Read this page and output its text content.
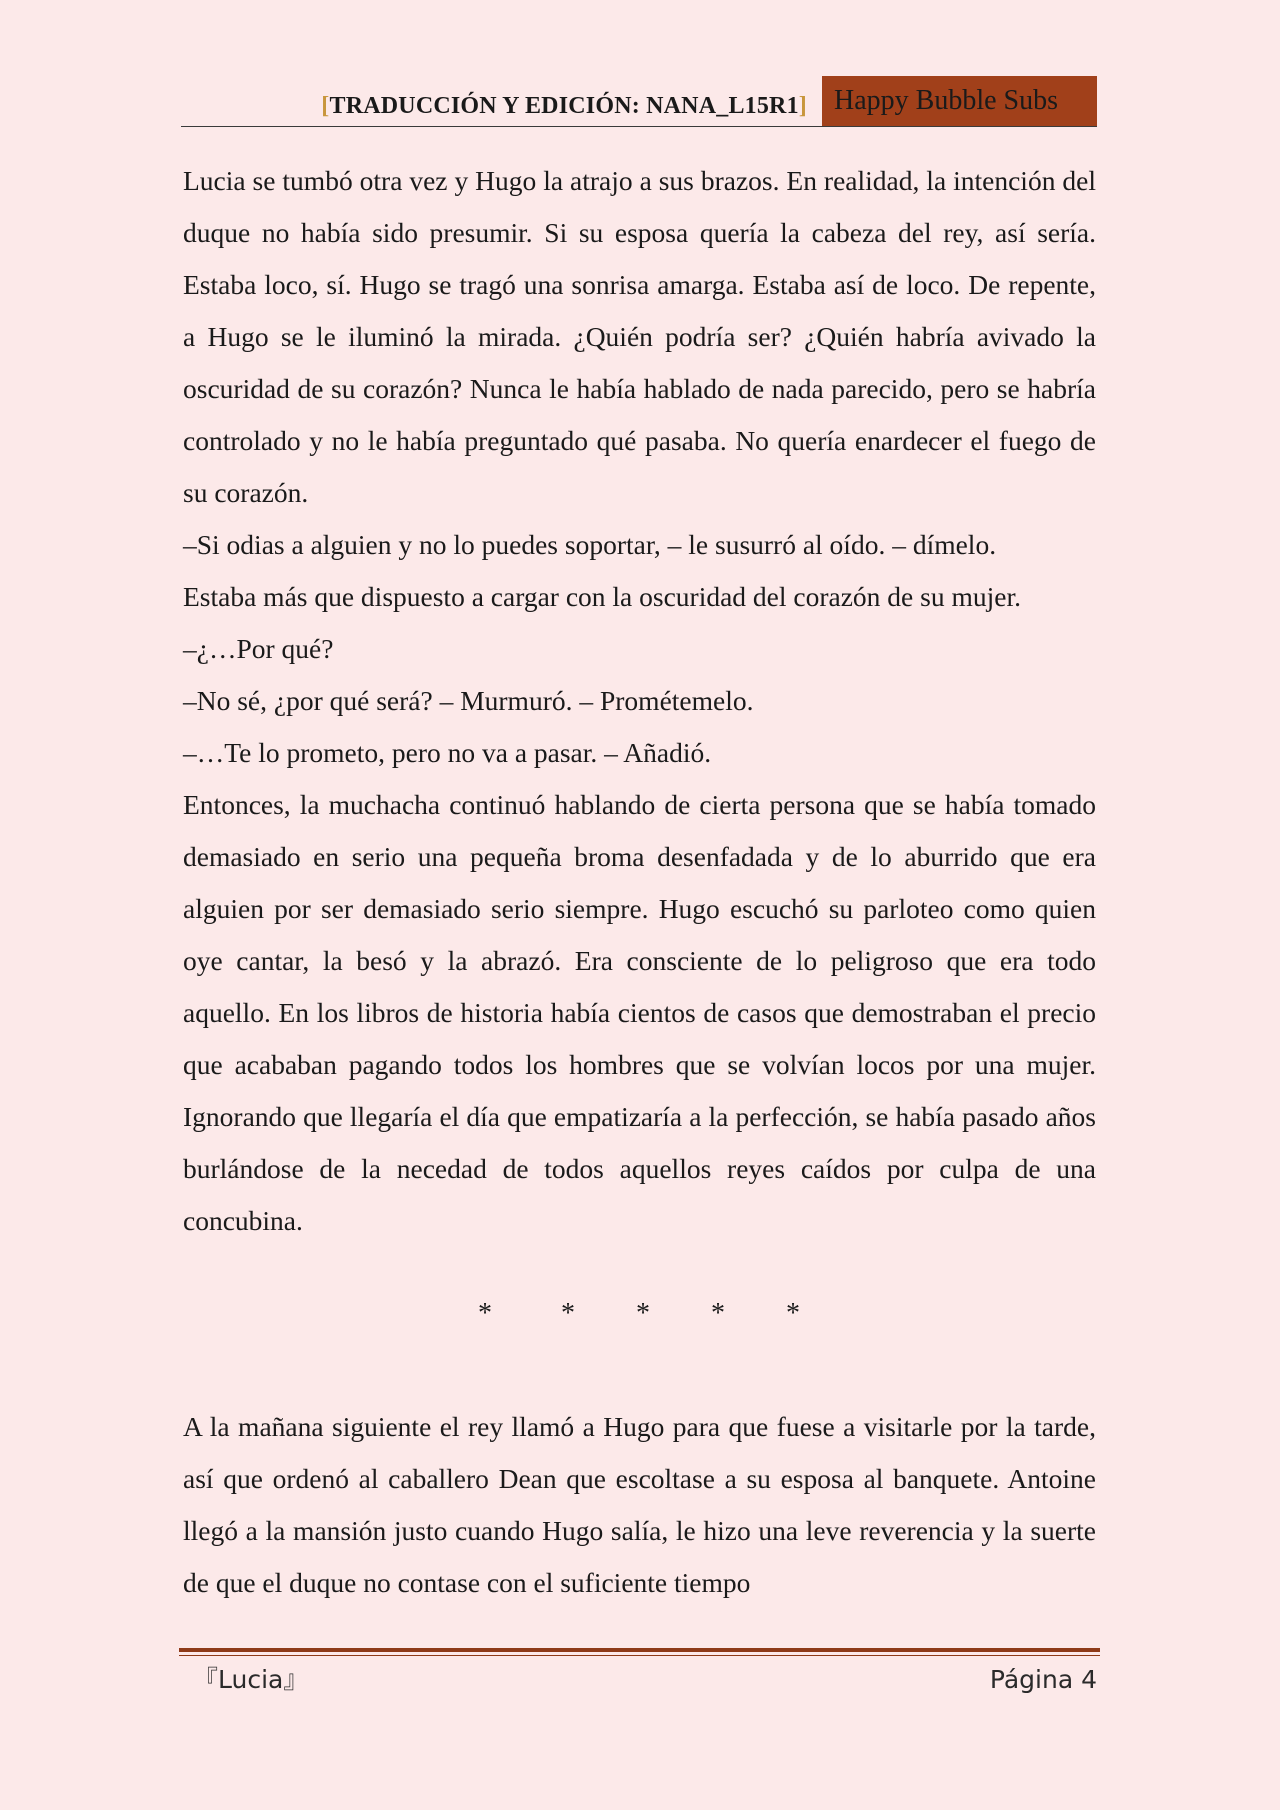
[TRADUCCIÓN Y EDICIÓN: NANA_L15R1] Happy Bubble Subs

Lucia se tumbó otra vez y Hugo la atrajo a sus brazos. En realidad, la intención del duque no había sido presumir. Si su esposa quería la cabeza del rey, así sería. Estaba loco, sí. Hugo se tragó una sonrisa amarga. Estaba así de loco. De repente, a Hugo se le iluminó la mirada. ¿Quién podría ser? ¿Quién habría avivado la oscuridad de su corazón? Nunca le había hablado de nada parecido, pero se habría controlado y no le había preguntado qué pasaba. No quería enardecer el fuego de su corazón.

–Si odias a alguien y no lo puedes soportar, – le susurró al oído. – dímelo.

Estaba más que dispuesto a cargar con la oscuridad del corazón de su mujer.

–¿…Por qué?

–No sé, ¿por qué será? – Murmuró. – Prométemelo.

–…Te lo prometo, pero no va a pasar. – Añadió.

Entonces, la muchacha continuó hablando de cierta persona que se había tomado demasiado en serio una pequeña broma desenfadada y de lo aburrido que era alguien por ser demasiado serio siempre. Hugo escuchó su parloteo como quien oye cantar, la besó y la abrazó. Era consciente de lo peligroso que era todo aquello. En los libros de historia había cientos de casos que demostraban el precio que acababan pagando todos los hombres que se volvían locos por una mujer. Ignorando que llegaría el día que empatizaría a la perfección, se había pasado años burlándose de la necedad de todos aquellos reyes caídos por culpa de una concubina.

* * * * *

A la mañana siguiente el rey llamó a Hugo para que fuese a visitarle por la tarde, así que ordenó al caballero Dean que escoltase a su esposa al banquete. Antoine llegó a la mansión justo cuando Hugo salía, le hizo una leve reverencia y la suerte de que el duque no contase con el suficiente tiempo

『Lucia』	Página 4
